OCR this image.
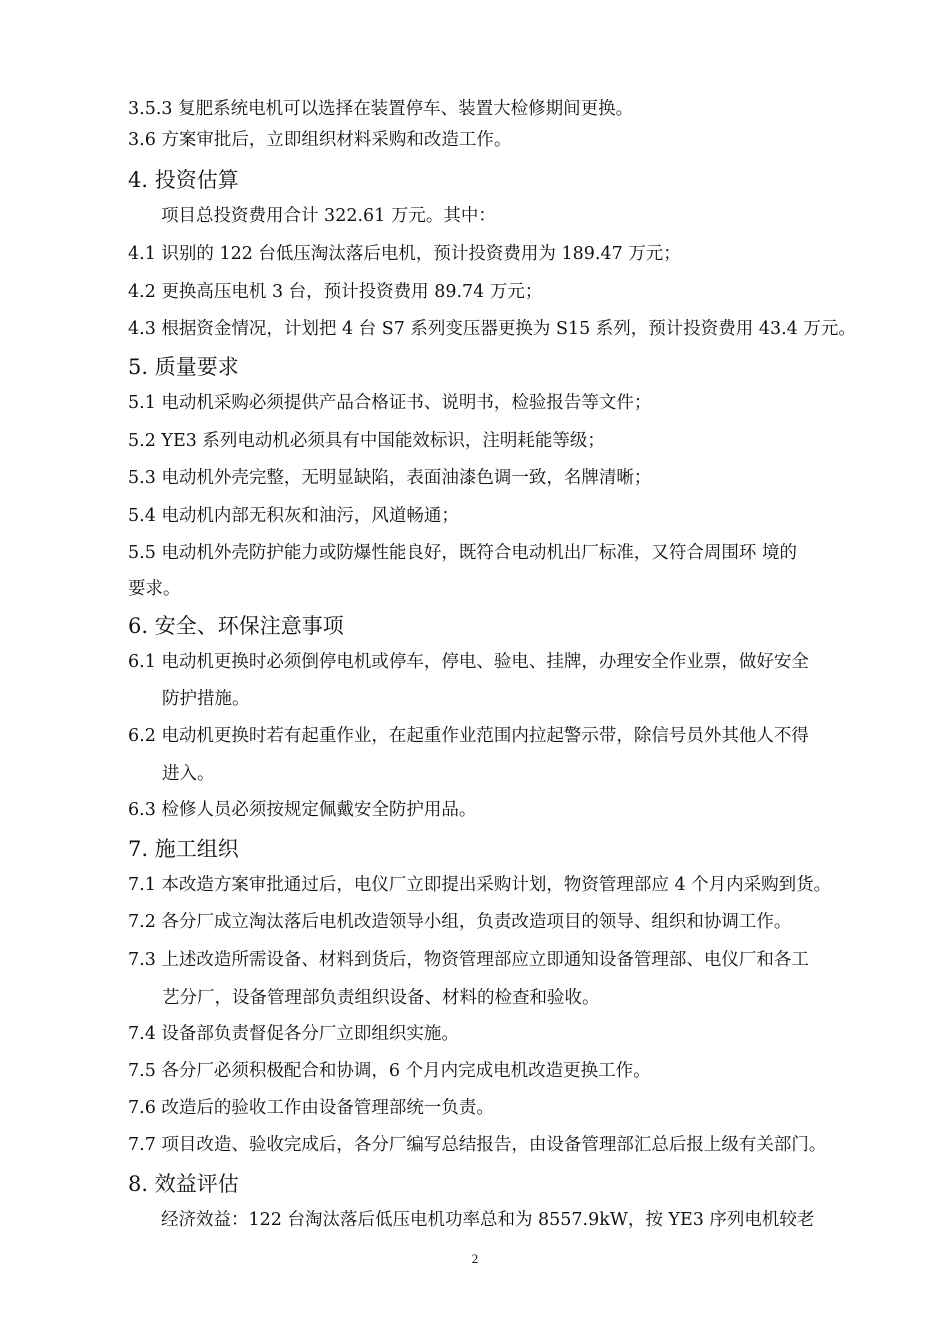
3.5.3 复肥系统电机可以选择在装置停车、装置大检修期间更换。
3.6 方案审批后，立即组织材料采购和改造工作。
4. 投资估算
项目总投资费用合计 322.61 万元。其中：
4.1 识别的 122 台低压淘汰落后电机，预计投资费用为 189.47 万元；
4.2 更换高压电机 3 台，预计投资费用 89.74 万元；
4.3 根据资金情况，计划把 4 台 S7 系列变压器更换为 S15 系列，预计投资费用 43.4 万元。
5. 质量要求
5.1 电动机采购必须提供产品合格证书、说明书，检验报告等文件；
5.2 YE3 系列电动机必须具有中国能效标识，注明耗能等级；
5.3 电动机外壳完整，无明显缺陷，表面油漆色调一致，名牌清晰；
5.4 电动机内部无积灰和油污，风道畅通；
5.5 电动机外壳防护能力或防爆性能良好，既符合电动机出厂标准，又符合周围环 境的
要求。
6. 安全、环保注意事项
6.1 电动机更换时必须倒停电机或停车，停电、验电、挂牌，办理安全作业票，做好安全
防护措施。
6.2 电动机更换时若有起重作业，在起重作业范围内拉起警示带，除信号员外其他人不得
进入。
6.3 检修人员必须按规定佩戴安全防护用品。
7. 施工组织
7.1 本改造方案审批通过后，电仪厂立即提出采购计划，物资管理部应 4 个月内采购到货。
7.2 各分厂成立淘汰落后电机改造领导小组，负责改造项目的领导、组织和协调工作。
7.3 上述改造所需设备、材料到货后，物资管理部应立即通知设备管理部、电仪厂和各工
艺分厂，设备管理部负责组织设备、材料的检查和验收。
7.4 设备部负责督促各分厂立即组织实施。
7.5 各分厂必须积极配合和协调，6 个月内完成电机改造更换工作。
7.6 改造后的验收工作由设备管理部统一负责。
7.7 项目改造、验收完成后，各分厂编写总结报告，由设备管理部汇总后报上级有关部门。
8. 效益评估
经济效益：122 台淘汰落后低压电机功率总和为 8557.9kW，按 YE3 序列电机较老
2
